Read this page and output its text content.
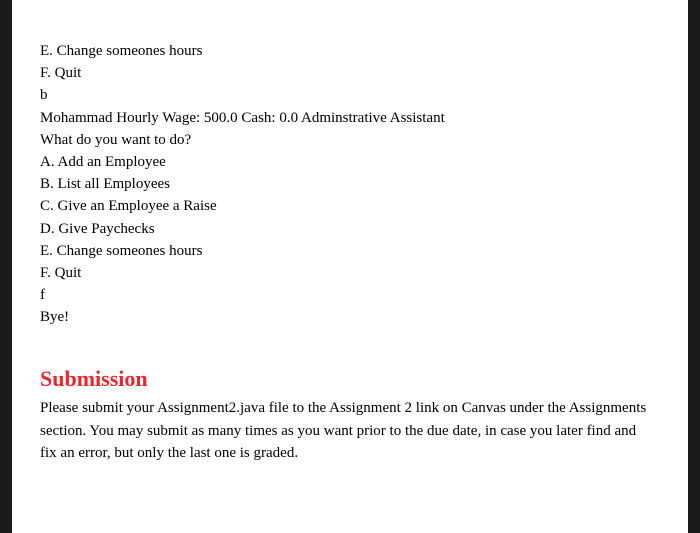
E. Change someones hours
F. Quit
b
Mohammad Hourly Wage: 500.0 Cash: 0.0 Adminstrative Assistant
What do you want to do?
A. Add an Employee
B. List all Employees
C. Give an Employee a Raise
D. Give Paychecks
E. Change someones hours
F. Quit
f
Bye!
Submission

Please submit your Assignment2.java file to the Assignment 2 link on Canvas under the Assignments section. You may submit as many times as you want prior to the due date, in case you later find and fix an error, but only the last one is graded.
